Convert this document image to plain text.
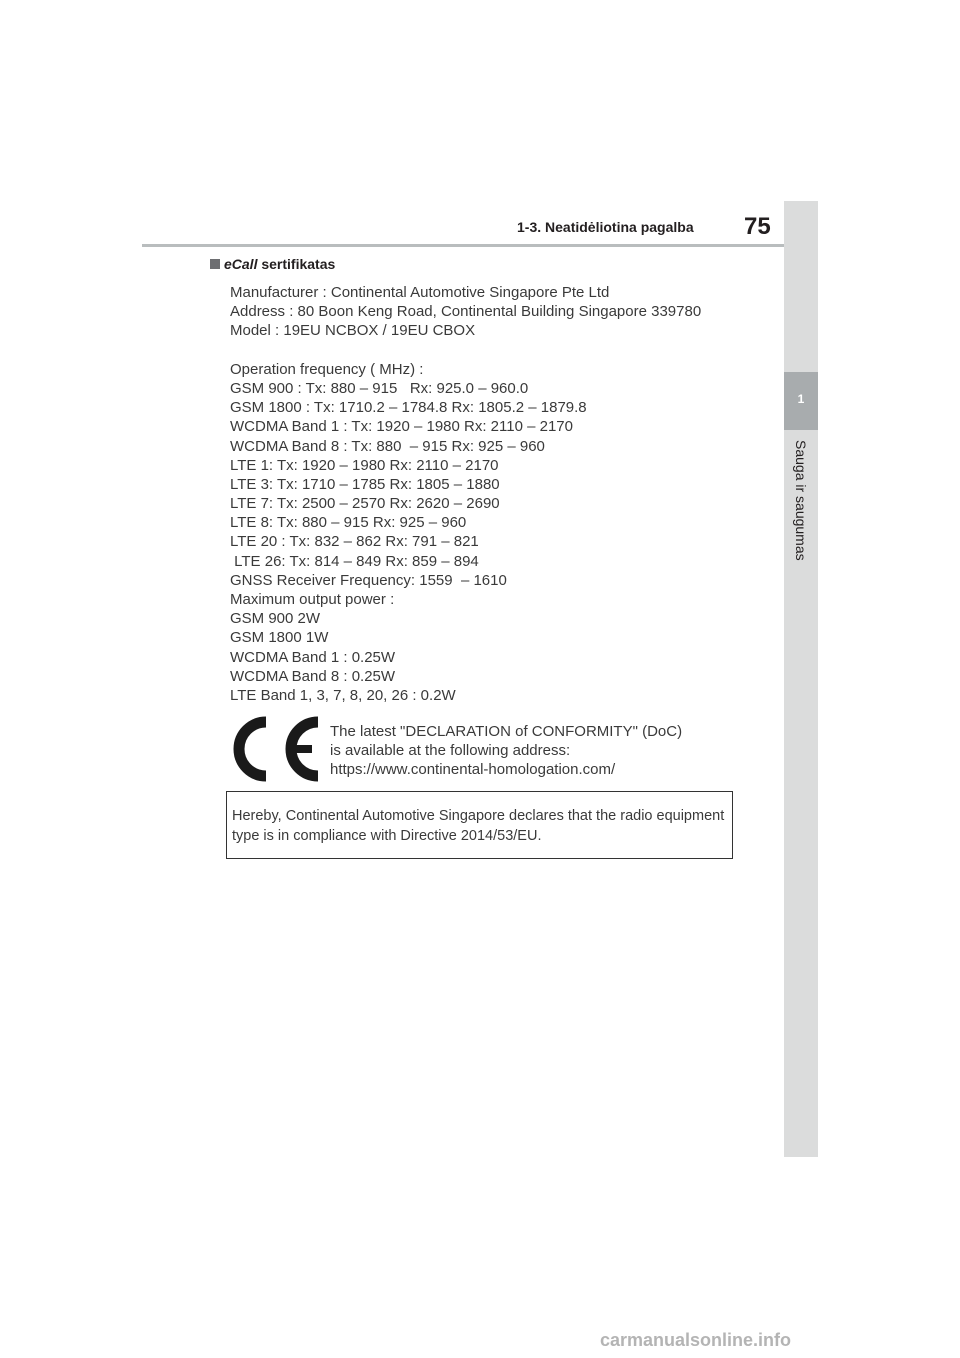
1-3. Neatidėliotina pagalba 75
1
Sauga ir saugumas
eCall sertifikatas
Manufacturer : Continental Automotive Singapore Pte Ltd
Address : 80 Boon Keng Road, Continental Building Singapore 339780
Model : 19EU NCBOX / 19EU CBOX
Operation frequency ( MHz) :
GSM 900 : Tx: 880 – 915   Rx: 925.0 – 960.0
GSM 1800 : Tx: 1710.2 – 1784.8 Rx: 1805.2 – 1879.8
WCDMA Band 1 : Tx: 1920 – 1980 Rx: 2110 – 2170
WCDMA Band 8 : Tx: 880  – 915 Rx: 925 – 960
LTE 1: Tx: 1920 – 1980 Rx: 2110 – 2170
LTE 3: Tx: 1710 – 1785 Rx: 1805 – 1880
LTE 7: Tx: 2500 – 2570 Rx: 2620 – 2690
LTE 8: Tx: 880 – 915 Rx: 925 – 960
LTE 20 : Tx: 832 – 862 Rx: 791 – 821
LTE 26: Tx: 814 – 849 Rx: 859 – 894
GNSS Receiver Frequency: 1559  – 1610
Maximum output power :
GSM 900 2W
GSM 1800 1W
WCDMA Band 1 : 0.25W
WCDMA Band 8 : 0.25W
LTE Band 1, 3, 7, 8, 20, 26 : 0.2W
The latest "DECLARATION of CONFORMITY" (DoC)
is available at the following address:
https://www.continental-homologation.com/
Hereby, Continental Automotive Singapore declares that the radio equipment type is in compliance with Directive 2014/53/EU.
carmanualsonline.info
